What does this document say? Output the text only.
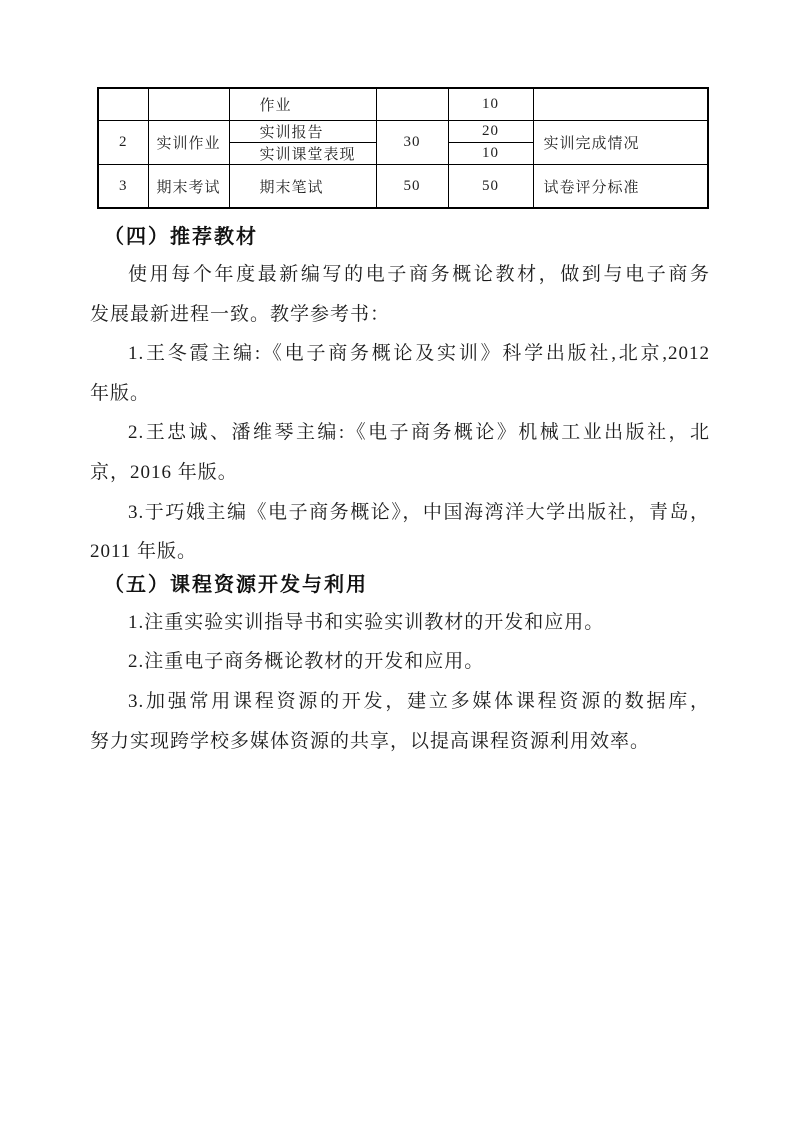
		作业		10	
2	实训作业	实训报告	30	20	实训完成情况
		实训课堂表现		10	
3	期末考试	期末笔试	50	50	试卷评分标准
（四）推荐教材
使用每个年度最新编写的电子商务概论教材，做到与电子商务
发展最新进程一致。教学参考书：
1.王冬霞主编:《电子商务概论及实训》科学出版社,北京,2012
年版。
2.王忠诚、潘维琴主编:《电子商务概论》机械工业出版社，北
京，2016 年版。
3.于巧娥主编《电子商务概论》，中国海湾洋大学出版社，青岛，
2011 年版。
（五）课程资源开发与利用
1.注重实验实训指导书和实验实训教材的开发和应用。
2.注重电子商务概论教材的开发和应用。
3.加强常用课程资源的开发，建立多媒体课程资源的数据库，
努力实现跨学校多媒体资源的共享，以提高课程资源利用效率。
